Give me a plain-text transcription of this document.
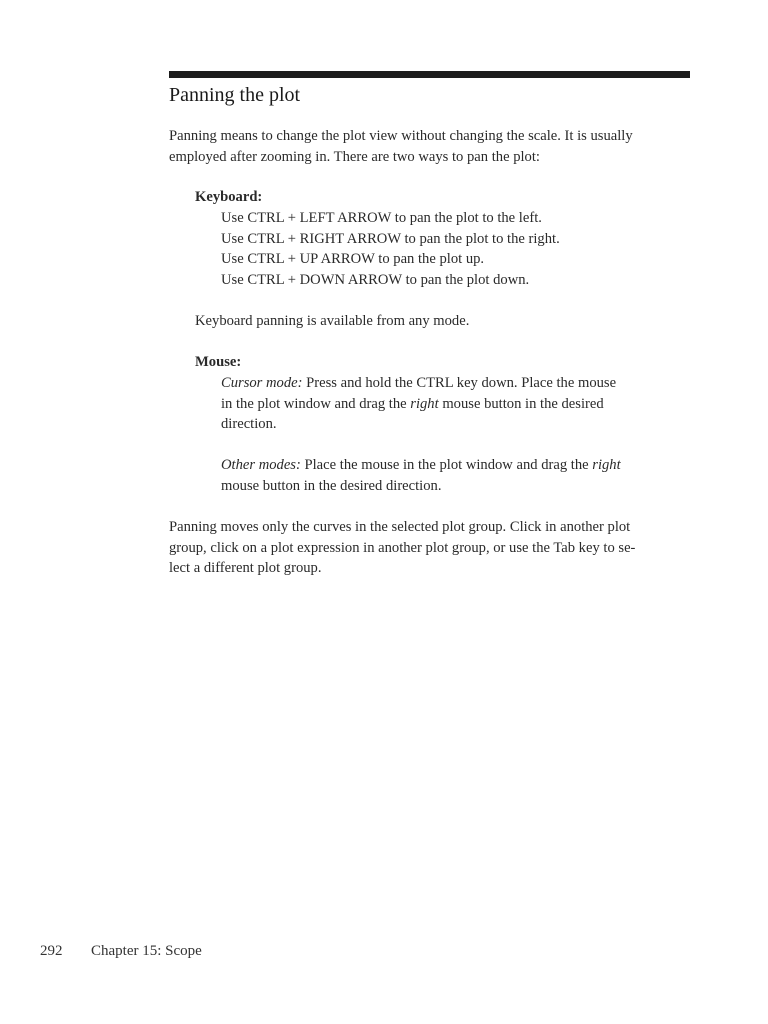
Panning the plot

Panning means to change the plot view without changing the scale. It is usually
employed after zooming in. There are two ways to pan the plot:

Keyboard:

Use CTRL + LEFT ARROW to pan the plot to the left.
Use CTRL + RIGHT ARROW to pan the plot to the right.
Use CTRL + UP ARROW to pan the plot up.
Use CTRL + DOWN ARROW to pan the plot down.

Keyboard panning is available from any mode.

Mouse:

Cursor mode: Press and hold the CTRL key down. Place the mouse
in the plot window and drag the right mouse button in the desired
direction.

Other modes: Place the mouse in the plot window and drag the right
mouse button in the desired direction.

Panning moves only the curves in the selected plot group. Click in another plot
group, click on a plot expression in another plot group, or use the Tab key to se-
lect a different plot group.

292 Chapter 15: Scope
